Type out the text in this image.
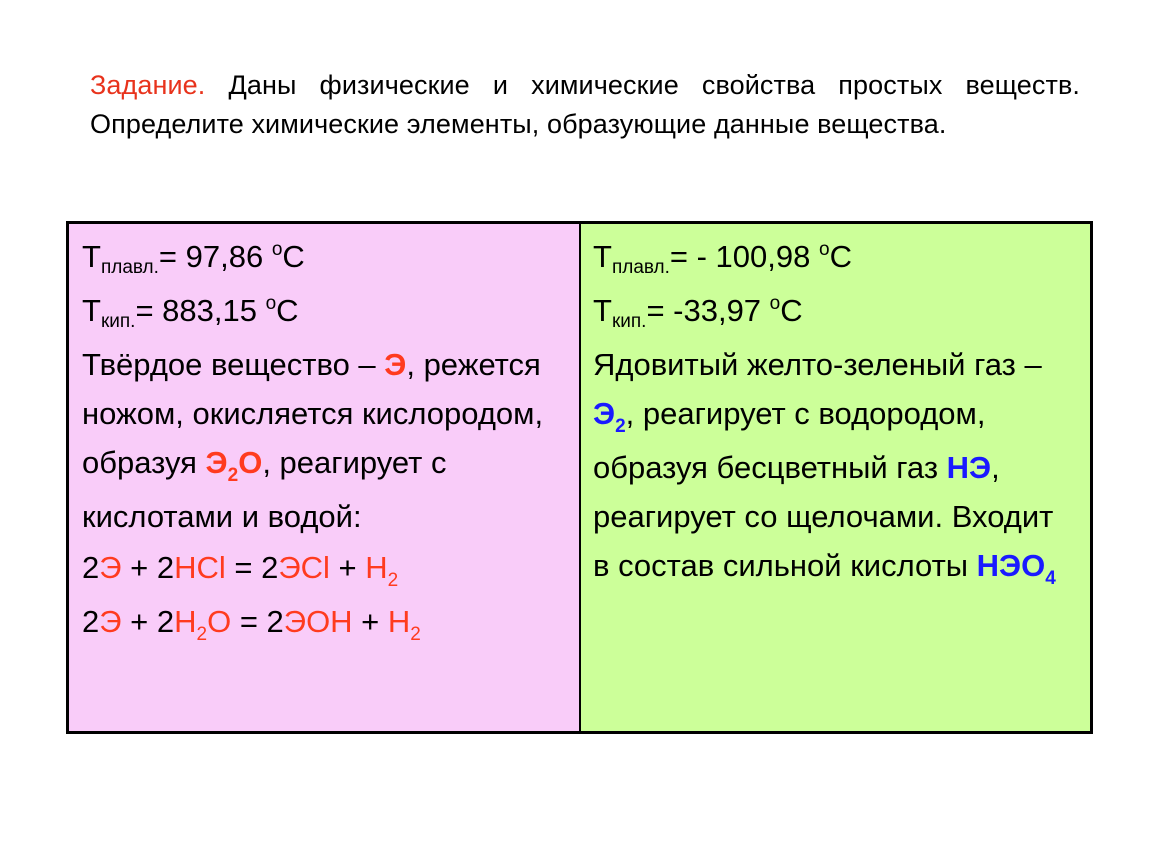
Задание. Даны физические и химические свойства простых веществ. Определите химические элементы, образующие данные вещества.
Tплавл.= 97,86 $^о$С
Tкип.= 883,15 $^о$С
Твёрдое вещество – Э, режется ножом, окисляется кислородом, образуя $Э_2О$, реагирует с кислотами и водой:
$2Э + 2HCl = 2ЭCl + H_2$
$2Э + 2H_2O = 2ЭOH + H_2$
Tплавл.= - 100,98 $^о$С
Tкип.= -33,97 $^о$С
Ядовитый желто-зеленый газ – $Э_2$, реагирует с водородом, образуя бесцветный газ НЭ, реагирует со щелочами. Входит в состав сильной кислоты $НЭО_4$
